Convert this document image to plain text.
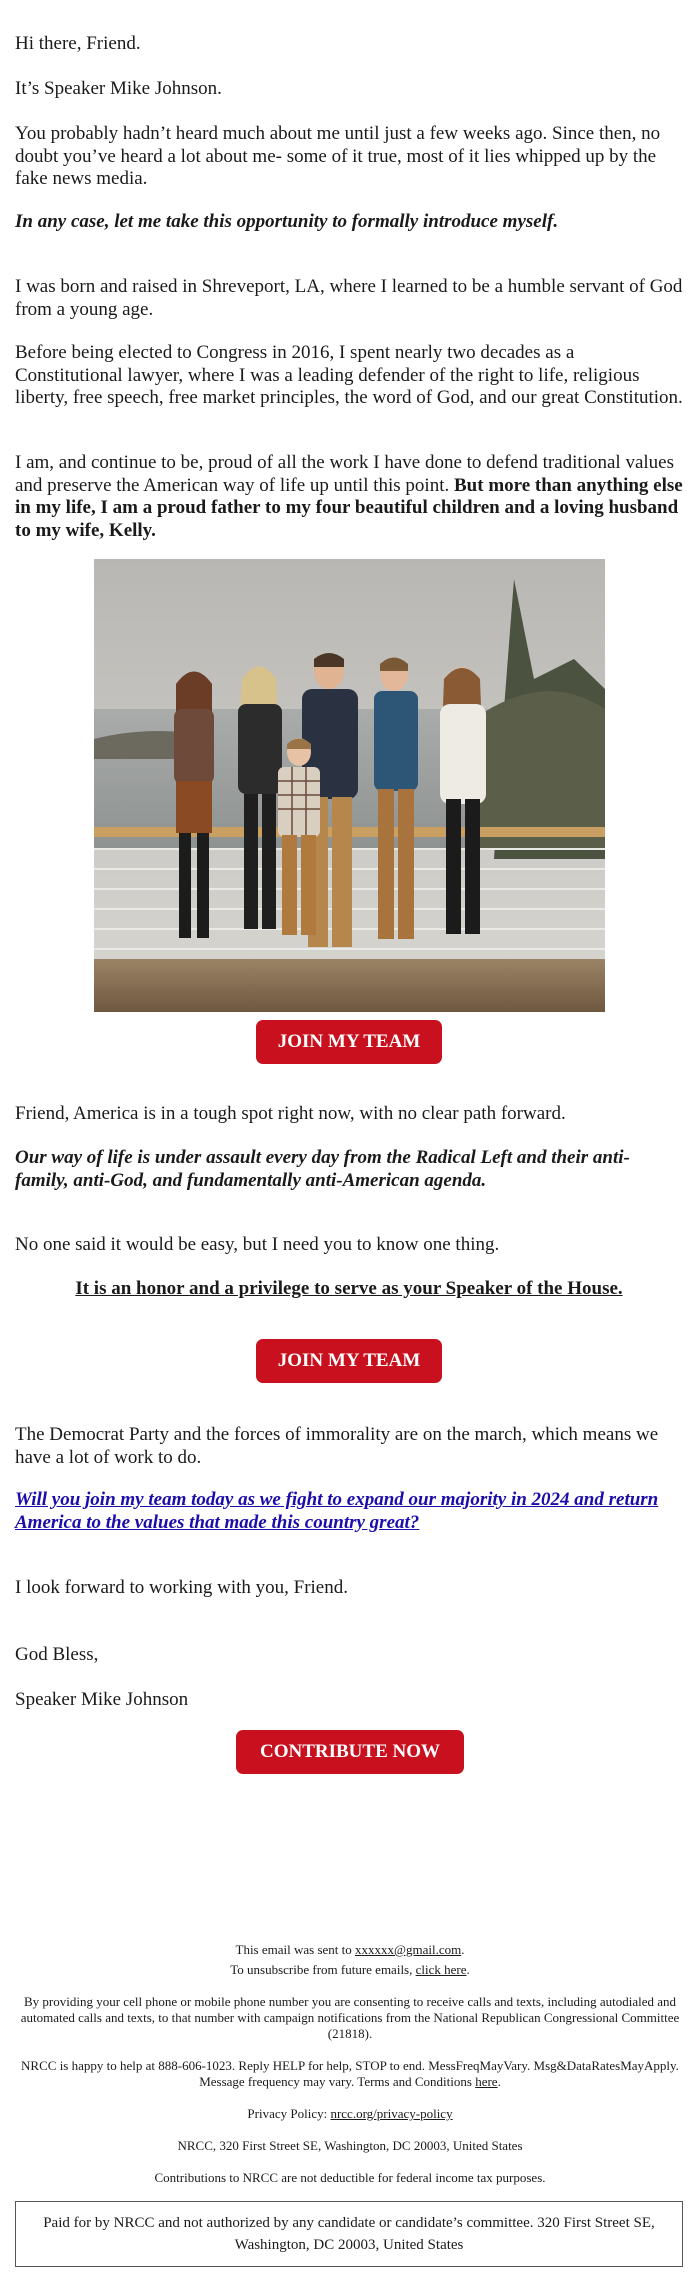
Hi there, Friend.

It’s Speaker Mike Johnson.

You probably hadn’t heard much about me until just a few weeks ago. Since then, no doubt you’ve heard a lot about me- some of it true, most of it lies whipped up by the fake news media.

In any case, let me take this opportunity to formally introduce myself.

I was born and raised in Shreveport, LA, where I learned to be a humble servant of God from a young age.

Before being elected to Congress in 2016, I spent nearly two decades as a Constitutional lawyer, where I was a leading defender of the right to life, religious liberty, free speech, free market principles, the word of God, and our great Constitution.

I am, and continue to be, proud of all the work I have done to defend traditional values and preserve the American way of life up until this point. But more than anything else in my life, I am a proud father to my four beautiful children and a loving husband to my wife, Kelly.

Friend, America is in a tough spot right now, with no clear path forward.

Our way of life is under assault every day from the Radical Left and their anti-family, anti-God, and fundamentally anti-American agenda.

No one said it would be easy, but I need you to know one thing.

It is an honor and a privilege to serve as your Speaker of the House.

The Democrat Party and the forces of immorality are on the march, which means we have a lot of work to do.

Will you join my team today as we fight to expand our majority in 2024 and return America to the values that made this country great?

I look forward to working with you, Friend.

God Bless,

Speaker Mike Johnson

JOIN MY TEAM
JOIN MY TEAM
CONTRIBUTE NOW
This email was sent to xxxxxx@gmail.com.
To unsubscribe from future emails, click here.
By providing your cell phone or mobile phone number you are consenting to receive calls and texts, including autodialed and automated calls and texts, to that number with campaign notifications from the National Republican Congressional Committee (21818).
NRCC is happy to help at 888-606-1023. Reply HELP for help, STOP to end. MessFreqMayVary. Msg&DataRatesMayApply. Message frequency may vary. Terms and Conditions here.
Privacy Policy: nrcc.org/privacy-policy
NRCC, 320 First Street SE, Washington, DC 20003, United States
Contributions to NRCC are not deductible for federal income tax purposes.
Paid for by NRCC and not authorized by any candidate or candidate’s committee. 320 First Street SE, Washington, DC 20003, United States
